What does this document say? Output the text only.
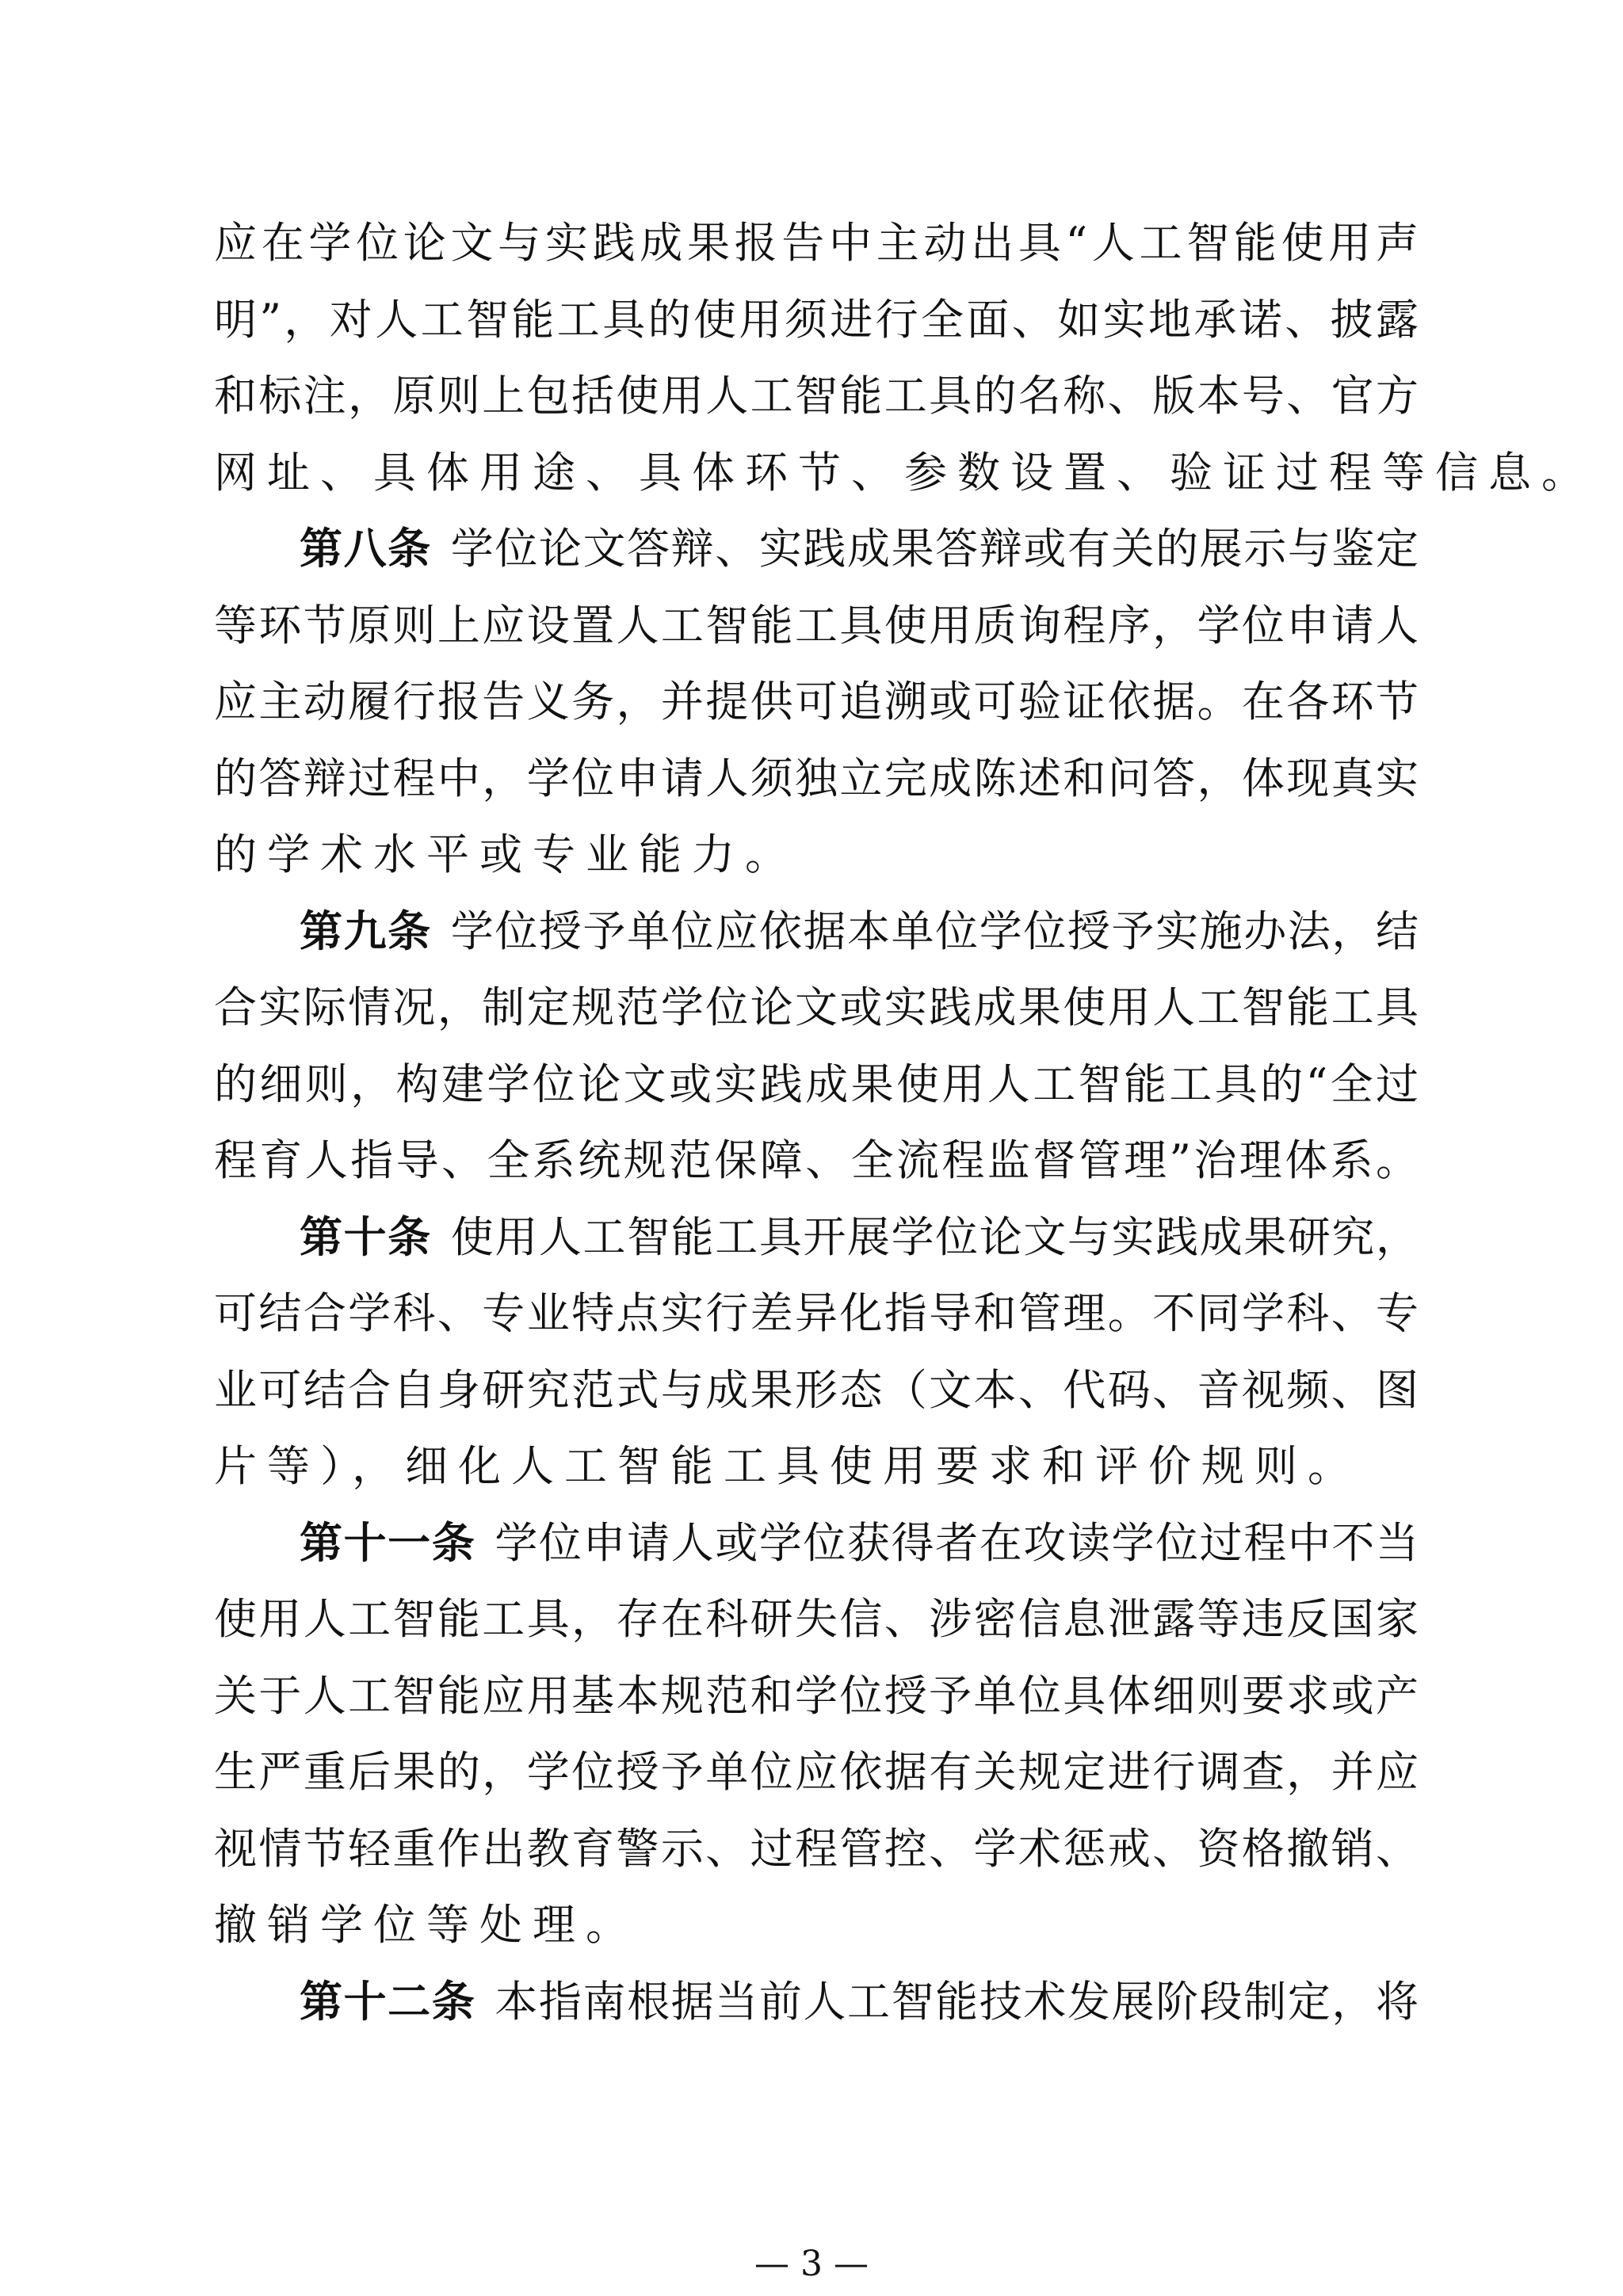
应在学位论文与实践成果报告中主动出具“人工智能使用声
明”，对人工智能工具的使用须进行全面、如实地承诺、披露
和标注，原则上包括使用人工智能工具的名称、版本号、官方
网址、具体用途、具体环节、参数设置、验证过程等信息。
第八条 学位论文答辩、实践成果答辩或有关的展示与鉴定
等环节原则上应设置人工智能工具使用质询程序，学位申请人
应主动履行报告义务，并提供可追溯或可验证依据。在各环节
的答辩过程中，学位申请人须独立完成陈述和问答，体现真实
的学术水平或专业能力。
第九条 学位授予单位应依据本单位学位授予实施办法，结
合实际情况，制定规范学位论文或实践成果使用人工智能工具
的细则，构建学位论文或实践成果使用人工智能工具的“全过
程育人指导、全系统规范保障、全流程监督管理”治理体系。
第十条 使用人工智能工具开展学位论文与实践成果研究，
可结合学科、专业特点实行差异化指导和管理。不同学科、专
业可结合自身研究范式与成果形态（文本、代码、音视频、图
片等），细化人工智能工具使用要求和评价规则。
第十一条 学位申请人或学位获得者在攻读学位过程中不当
使用人工智能工具，存在科研失信、涉密信息泄露等违反国家
关于人工智能应用基本规范和学位授予单位具体细则要求或产
生严重后果的，学位授予单位应依据有关规定进行调查，并应
视情节轻重作出教育警示、过程管控、学术惩戒、资格撤销、
— 3 —
撤销学位等处理。
第十二条 本指南根据当前人工智能技术发展阶段制定，将
